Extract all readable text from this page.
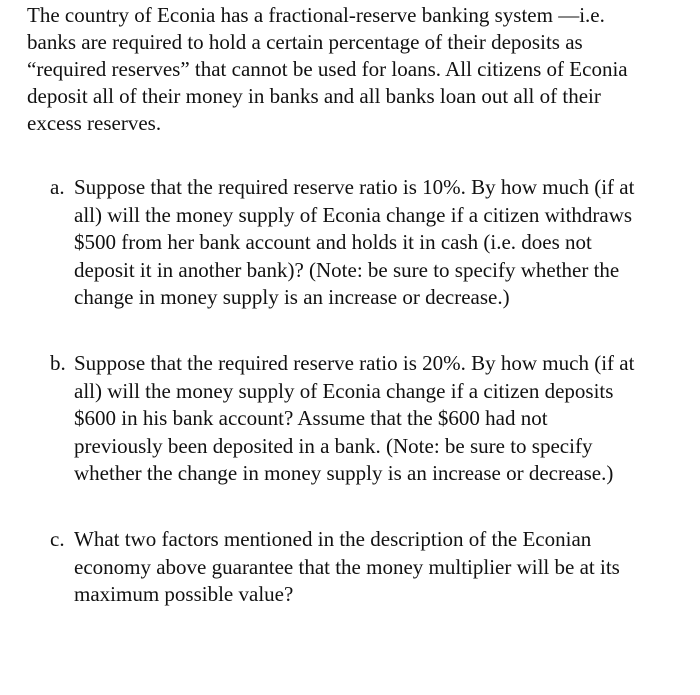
The country of Econia has a fractional-reserve banking system —i.e. banks are required to hold a certain percentage of their deposits as “required reserves” that cannot be used for loans. All citizens of Econia deposit all of their money in banks and all banks loan out all of their excess reserves.

a. Suppose that the required reserve ratio is 10%. By how much (if at all) will the money supply of Econia change if a citizen withdraws $500 from her bank account and holds it in cash (i.e. does not deposit it in another bank)? (Note: be sure to specify whether the change in money supply is an increase or decrease.)
b. Suppose that the required reserve ratio is 20%. By how much (if at all) will the money supply of Econia change if a citizen deposits $600 in his bank account? Assume that the $600 had not previously been deposited in a bank. (Note: be sure to specify whether the change in money supply is an increase or decrease.)
c. What two factors mentioned in the description of the Econian economy above guarantee that the money multiplier will be at its maximum possible value?
